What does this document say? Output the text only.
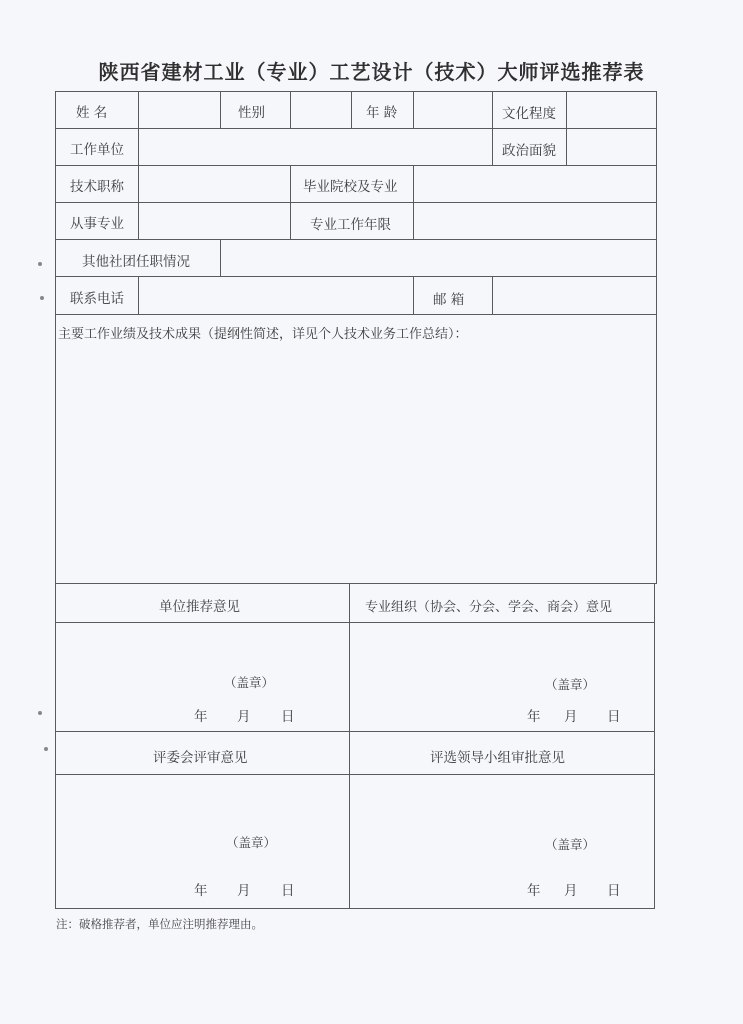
陕西省建材工业（专业）工艺设计（技术）大师评选推荐表
姓 名	性别	年 龄	文化程度
工作单位	政治面貌
技术职称	毕业院校及专业
从事专业	专业工作年限
其他社团任职情况
联系电话	邮 箱
主要工作业绩及技术成果（提纲性简述，详见个人技术业务工作总结）：
单位推荐意见	专业组织（协会、分会、学会、商会）意见
（盖章）
年 月 日
（盖章）
年 月 日
评委会评审意见	评选领导小组审批意见
（盖章）
年 月 日
（盖章）
年 月 日
注：破格推荐者，单位应注明推荐理由。
